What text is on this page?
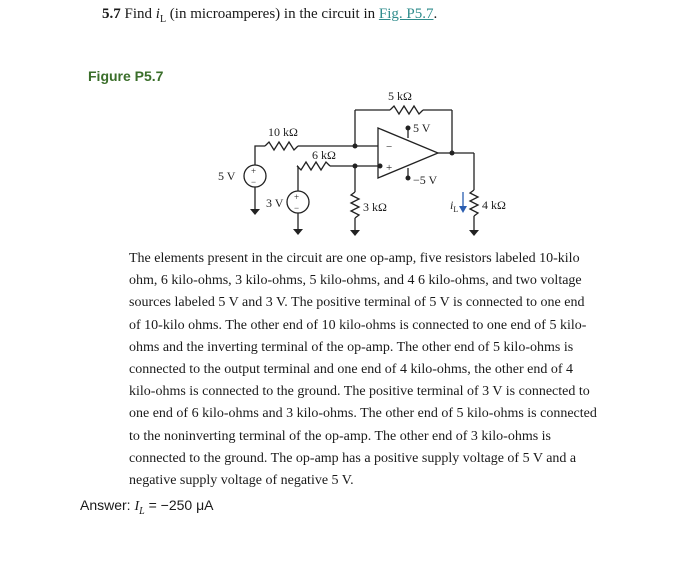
5.7 Find $i_L$ (in microamperes) in the circuit in Fig. P5.7.
Figure P5.7
+
−
5 V
10 kΩ
5 kΩ
−
+
5 V
−5 V
6 kΩ
+
−
3 V	3 kΩ	4 kΩ
$i_L$
The elements present in the circuit are one op-amp, five resistors labeled 10-kilo ohm, 6 kilo-ohms, 3 kilo-ohms, 5 kilo-ohms, and 4 6 kilo-ohms, and two voltage sources labeled 5 V and 3 V. The positive terminal of 5 V is connected to one end of 10-kilo ohms. The other end of 10 kilo-ohms is connected to one end of 5 kilo-ohms and the inverting terminal of the op-amp. The other end of 5 kilo-ohms is connected to the output terminal and one end of 4 kilo-ohms, the other end of 4 kilo-ohms is connected to the ground. The positive terminal of 3 V is connected to one end of 6 kilo-ohms and 3 kilo-ohms. The other end of 5 kilo-ohms is connected to the noninverting terminal of the op-amp. The other end of 3 kilo-ohms is connected to the ground. The op-amp has a positive supply voltage of 5 V and a negative supply voltage of negative 5 V.
Answer: $I_L = -250$ μA
